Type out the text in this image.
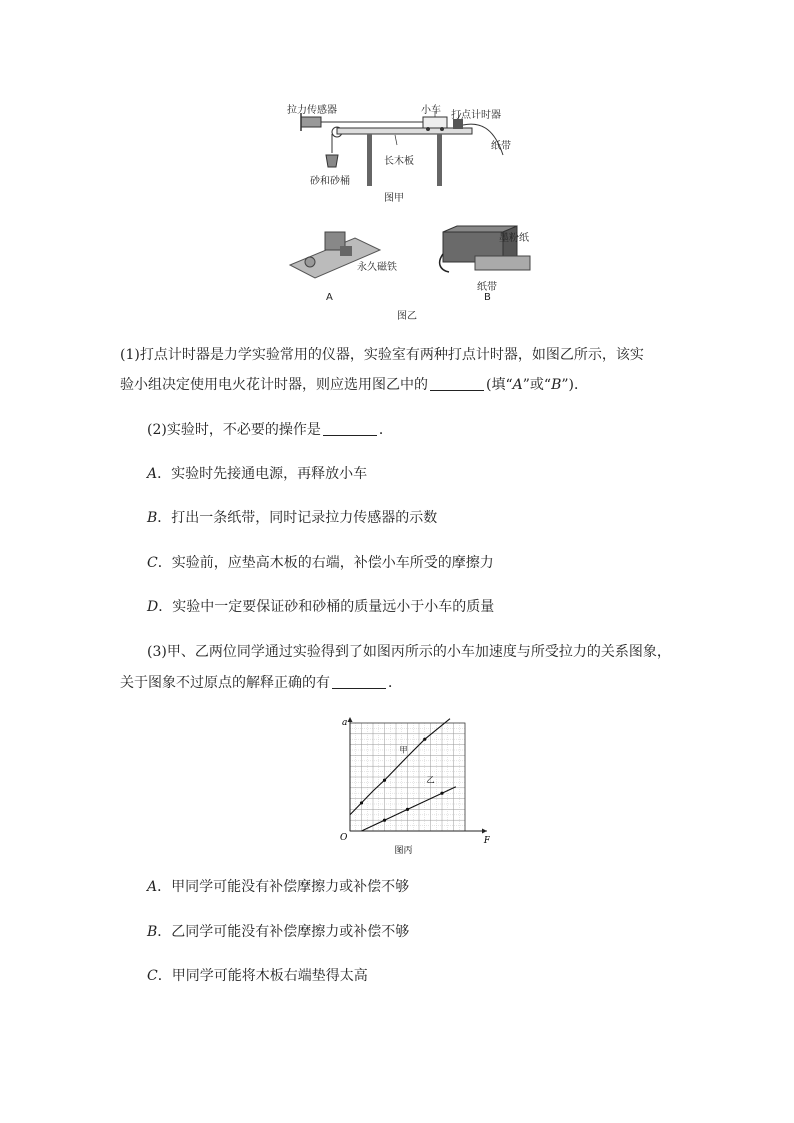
拉力传感器	小车 打点计时器
纸带
长木板
砂和砂桶
图甲
永久磁铁
墨粉纸
纸带
A	B
图乙
(1)打点计时器是力学实验常用的仪器，实验室有两种打点计时器，如图乙所示，该实
验小组决定使用电火花计时器，则应选用图乙中的	(填“A”或“B”)．
(2)实验时，不必要的操作是	．
A．实验时先接通电源，再释放小车
B．打出一条纸带，同时记录拉力传感器的示数
C．实验前，应垫高木板的右端，补偿小车所受的摩擦力
D．实验中一定要保证砂和砂桶的质量远小于小车的质量
(3)甲、乙两位同学通过实验得到了如图丙所示的小车加速度与所受拉力的关系图象，
关于图象不过原点的解释正确的有	．
a
F
O
甲
乙
图丙
A．甲同学可能没有补偿摩擦力或补偿不够
B．乙同学可能没有补偿摩擦力或补偿不够
C．甲同学可能将木板右端垫得太高
